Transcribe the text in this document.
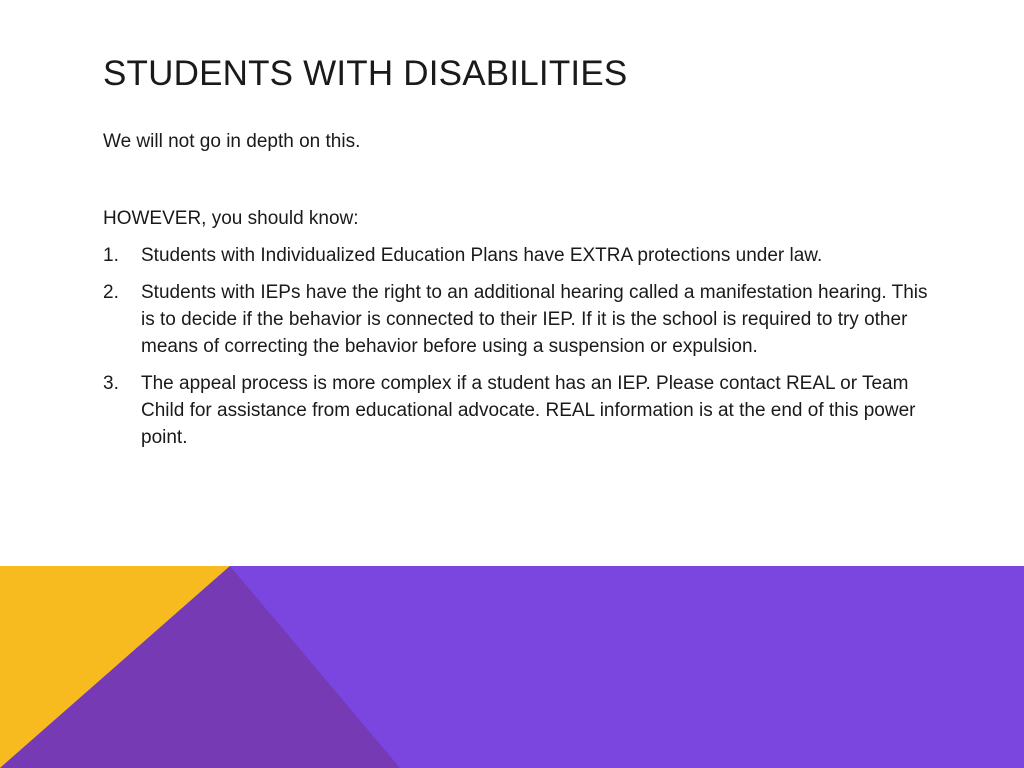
STUDENTS WITH DISABILITIES

We will not go in depth on this.

HOWEVER, you should know:

1. Students with Individualized Education Plans have EXTRA protections under law.
2. Students with IEPs have the right to an additional hearing called a manifestation hearing. This is to decide if the behavior is connected to their IEP. If it is the school is required to try other means of correcting the behavior before using a suspension or expulsion.
3. The appeal process is more complex if a student has an IEP. Please contact REAL or Team Child for assistance from educational advocate. REAL information is at the end of this power point.
